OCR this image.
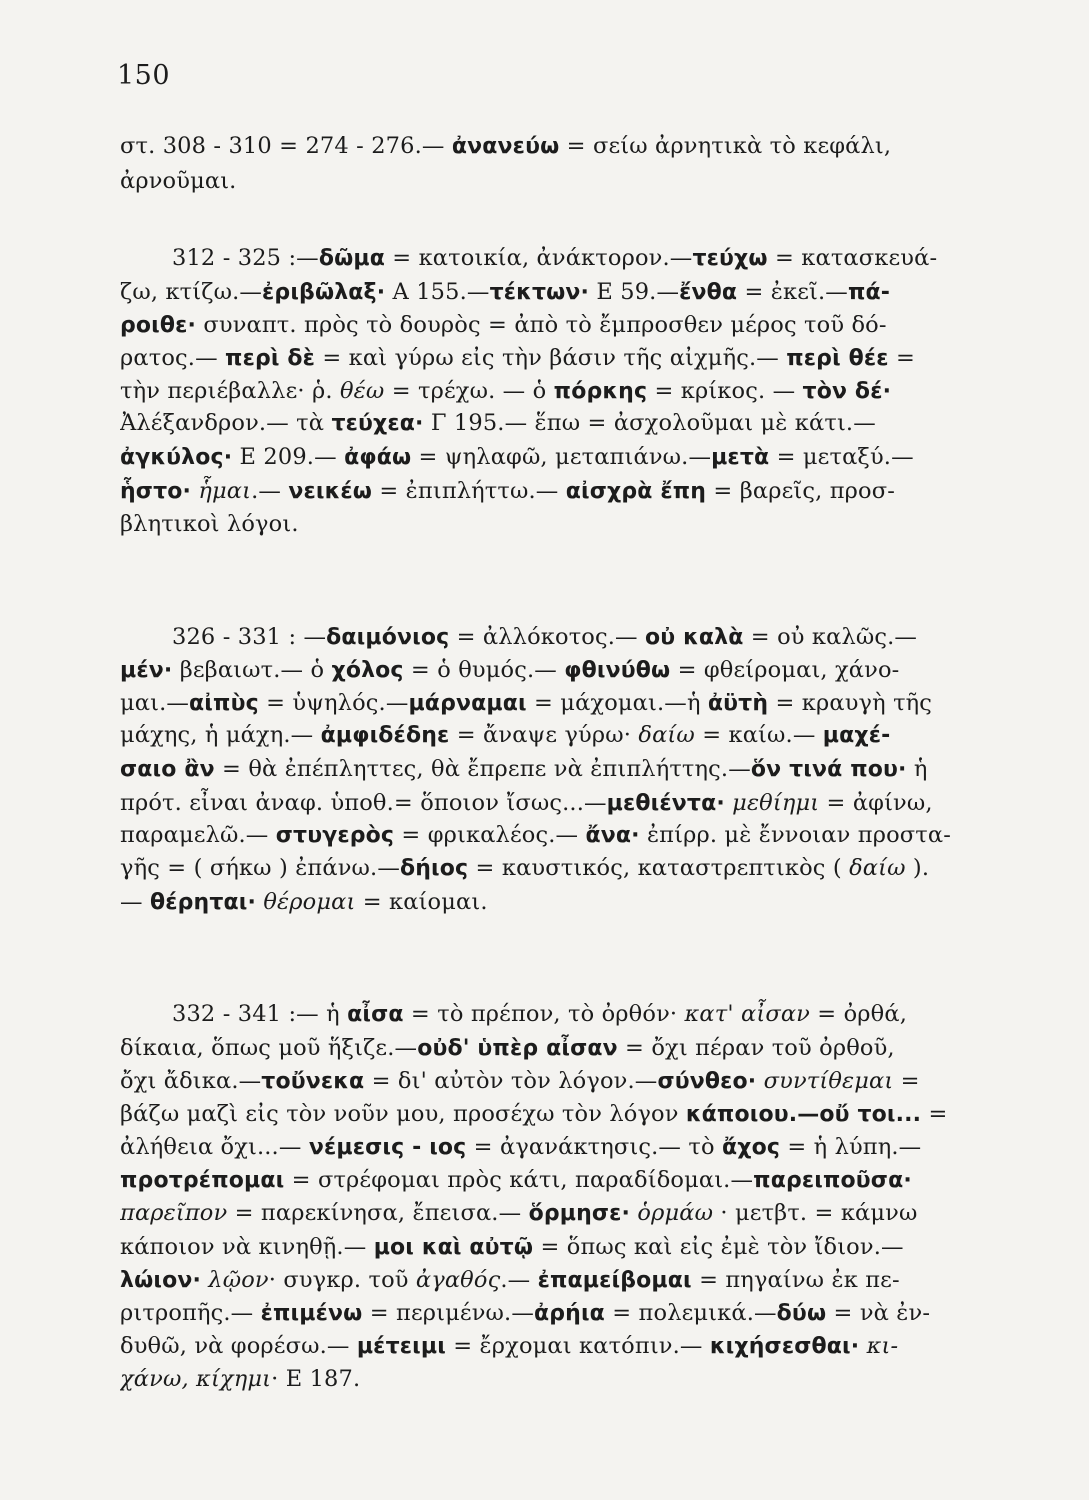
150
στ. 308 - 310 = 274 - 276.— ἀνανεύω = σείω ἀρνητικὰ τὸ κεφάλι,
ἀρνοῦμαι.
312 - 325 :—δῶμα = κατοικία, ἀνάκτορον.—τεύχω = κατασκευά-
ζω, κτίζω.—ἐριβῶλαξ· Α 155.—τέκτων· Ε 59.—ἔνθα = ἐκεῖ.—πά-
ροιθε· συναπτ. πρὸς τὸ δουρὸς = ἀπὸ τὸ ἔμπροσθεν μέρος τοῦ δό-
ρατος.— περὶ δὲ = καὶ γύρω εἰς τὴν βάσιν τῆς αἰχμῆς.— περὶ θέε =
τὴν περιέβαλλε· ῥ. θέω = τρέχω. — ὁ πόρκης = κρίκος. — τὸν δέ·
Ἀλέξανδρον.— τὰ τεύχεα· Γ 195.— ἕπω = ἀσχολοῦμαι μὲ κάτι.—
ἀγκύλος· Ε 209.— ἀφάω = ψηλαφῶ, μεταπιάνω.—μετὰ = μεταξύ.—
ἧστο· ἧμαι.— νεικέω = ἐπιπλήττω.— αἰσχρὰ ἔπη = βαρεῖς, προσ-
βλητικοὶ λόγοι.
326 - 331 : —δαιμόνιος = ἀλλόκοτος.— οὐ καλὰ = οὐ καλῶς.—
μέν· βεβαιωτ.— ὁ χόλος = ὁ θυμός.— φθινύθω = φθείρομαι, χάνο-
μαι.—αἰπὺς = ὑψηλός.—μάρναμαι = μάχομαι.—ἡ ἀϋτὴ = κραυγὴ τῆς
μάχης, ἡ μάχη.— ἀμφιδέδηε = ἄναψε γύρω· δαίω = καίω.— μαχέ-
σαιο ἂν = θὰ ἐπέπληττες, θὰ ἔπρεπε νὰ ἐπιπλήττης.—ὅν τινά που· ἡ
πρότ. εἶναι ἀναφ. ὑποθ.= ὅποιον ἴσως...—μεθιέντα· μεθίημι = ἀφίνω,
παραμελῶ.— στυγερὸς = φρικαλέος.— ἄνα· ἐπίρρ. μὲ ἔννοιαν προστα-
γῆς = ( σήκω ) ἐπάνω.—δήιος = καυστικός, καταστρεπτικὸς ( δαίω ).
— θέρηται· θέρομαι = καίομαι.
332 - 341 :— ἡ αἶσα = τὸ πρέπον, τὸ ὀρθόν· κατ' αἶσαν = ὀρθά,
δίκαια, ὅπως μοῦ ἥξιζε.—οὐδ' ὑπὲρ αἶσαν = ὄχι πέραν τοῦ ὀρθοῦ,
ὄχι ἄδικα.—τοὔνεκα = δι' αὐτὸν τὸν λόγον.—σύνθεο· συντίθεμαι =
βάζω μαζὶ εἰς τὸν νοῦν μου, προσέχω τὸν λόγον κάποιου.—οὔ τοι... =
ἀλήθεια ὄχι...— νέμεσις - ιος = ἀγανάκτησις.— τὸ ἄχος = ἡ λύπη.—
προτρέπομαι = στρέφομαι πρὸς κάτι, παραδίδομαι.—παρειποῦσα·
παρεῖπον = παρεκίνησα, ἔπεισα.— ὅρμησε· ὁρμάω · μετβτ. = κάμνω
κάποιον νὰ κινηθῇ.— μοι καὶ αὐτῷ = ὅπως καὶ εἰς ἐμὲ τὸν ἴδιον.—
λώιον· λῷον· συγκρ. τοῦ ἀγαθός.— ἐπαμείβομαι = πηγαίνω ἐκ πε-
ριτροπῆς.— ἐπιμένω = περιμένω.—ἀρήια = πολεμικά.—δύω = νὰ ἐν-
δυθῶ, νὰ φορέσω.— μέτειμι = ἔρχομαι κατόπιν.— κιχήσεσθαι· κι-
χάνω, κίχημι· Ε 187.
